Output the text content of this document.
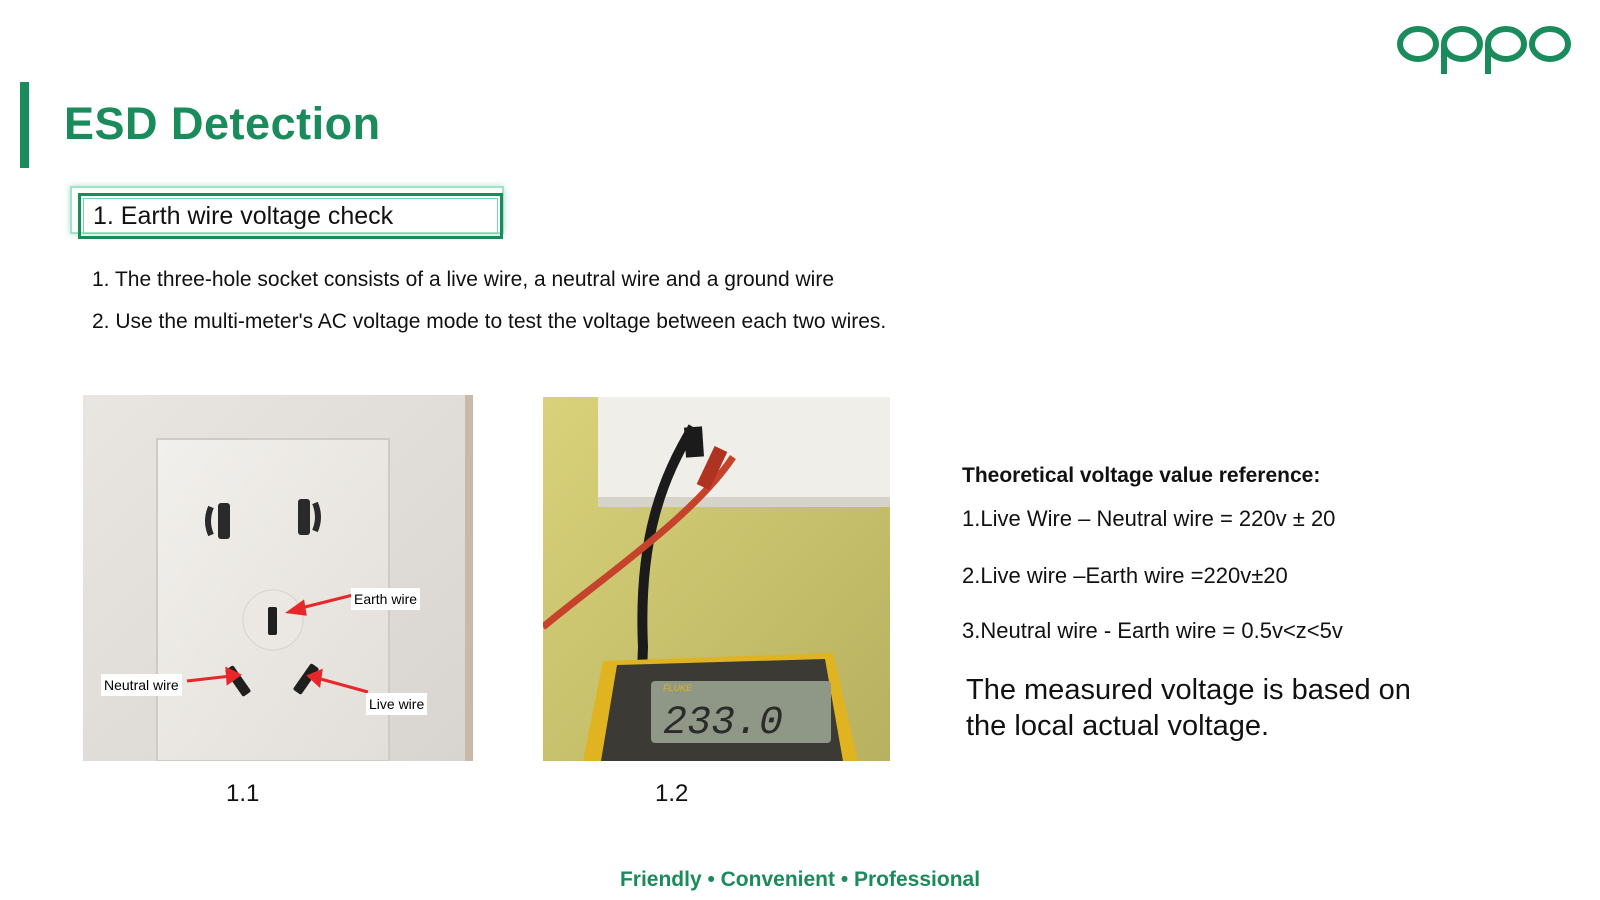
ESD Detection
1. Earth wire voltage check
1. The three-hole socket consists of a live wire, a neutral wire and a ground wire
2. Use the multi-meter's AC voltage mode to test the voltage between each two wires.
Earth wire
Neutral wire
Live wire
FLUKE
233.0
1.1	1.2
Theoretical voltage value reference:
1.Live Wire – Neutral wire = 220v ± 20
2.Live wire –Earth wire =220v±20
3.Neutral wire - Earth wire = 0.5v<z<5v
The measured voltage is based on the local actual voltage.
Friendly • Convenient • Professional
